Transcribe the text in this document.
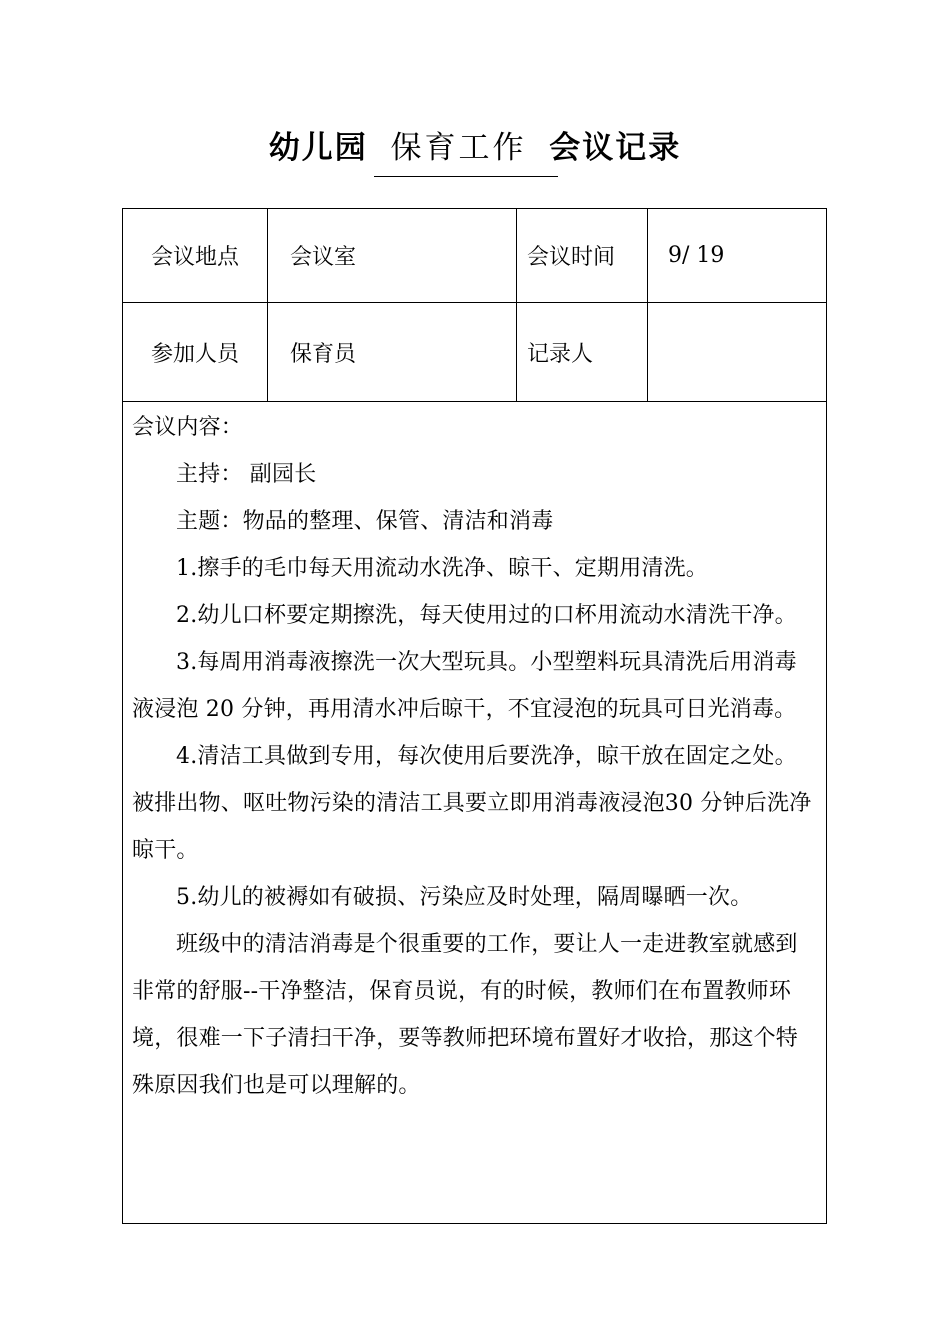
幼儿园 保育工作 会议记录
会议地点	会议室	会议时间	9/ 19
参加人员	保育员	记录人

会议内容：

主持： 副园长

主题：物品的整理、保管、清洁和消毒

1.擦手的毛巾每天用流动水洗净、晾干、定期用清洗。

2.幼儿口杯要定期擦洗，每天使用过的口杯用流动水清洗干净。

3.每周用消毒液擦洗一次大型玩具。小型塑料玩具清洗后用消毒液浸泡 20 分钟，再用清水冲后晾干，不宜浸泡的玩具可日光消毒。

4.清洁工具做到专用，每次使用后要洗净，晾干放在固定之处。被排出物、呕吐物污染的清洁工具要立即用消毒液浸泡30 分钟后洗净晾干。

5.幼儿的被褥如有破损、污染应及时处理，隔周曝晒一次。

班级中的清洁消毒是个很重要的工作，要让人一走进教室就感到非常的舒服--干净整洁，保育员说，有的时候，教师们在布置教师环境，很难一下子清扫干净，要等教师把环境布置好才收拾，那这个特殊原因我们也是可以理解的。
